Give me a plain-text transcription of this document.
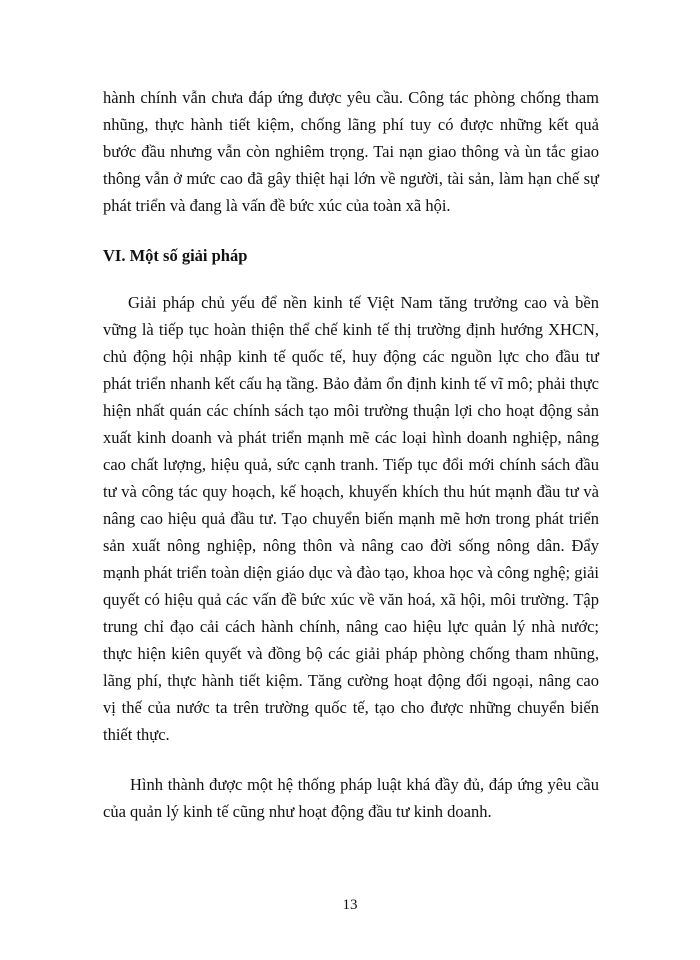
hành chính vẫn chưa đáp ứng được yêu cầu. Công tác phòng chống tham nhũng, thực hành tiết kiệm, chống lãng phí tuy có được những kết quả bước đầu nhưng vẫn còn nghiêm trọng. Tai nạn giao thông và ùn tắc giao thông vẫn ở mức cao đã gây thiệt hại lớn về người, tài sản, làm hạn chế sự phát triển và đang là vấn đề bức xúc của toàn xã hội.

VI. Một số giải pháp

Giải pháp chủ yếu để nền kinh tế Việt Nam tăng trưởng cao và bền vững là tiếp tục hoàn thiện thể chế kinh tế thị trường định hướng XHCN, chủ động hội nhập kinh tế quốc tế, huy động các nguồn lực cho đầu tư phát triển nhanh kết cấu hạ tầng. Bảo đảm ổn định kinh tế vĩ mô; phải thực hiện nhất quán các chính sách tạo môi trường thuận lợi cho hoạt động sản xuất kinh doanh và phát triển mạnh mẽ các loại hình doanh nghiệp, nâng cao chất lượng, hiệu quả, sức cạnh tranh. Tiếp tục đổi mới chính sách đầu tư và công tác quy hoạch, kế hoạch, khuyến khích thu hút mạnh đầu tư và nâng cao hiệu quả đầu tư. Tạo chuyển biến mạnh mẽ hơn trong phát triển sản xuất nông nghiệp, nông thôn và nâng cao đời sống nông dân. Đẩy mạnh phát triển toàn diện giáo dục và đào tạo, khoa học và công nghệ; giải quyết có hiệu quả các vấn đề bức xúc về văn hoá, xã hội, môi trường. Tập trung chỉ đạo cải cách hành chính, nâng cao hiệu lực quản lý nhà nước; thực hiện kiên quyết và đồng bộ các giải pháp phòng chống tham nhũng, lãng phí, thực hành tiết kiệm. Tăng cường hoạt động đối ngoại, nâng cao vị thế của nước ta trên trường quốc tế, tạo cho được những chuyển biến thiết thực.

Hình thành được một hệ thống pháp luật khá đầy đủ, đáp ứng yêu cầu của quản lý kinh tế cũng như hoạt động đầu tư kinh doanh.

13
